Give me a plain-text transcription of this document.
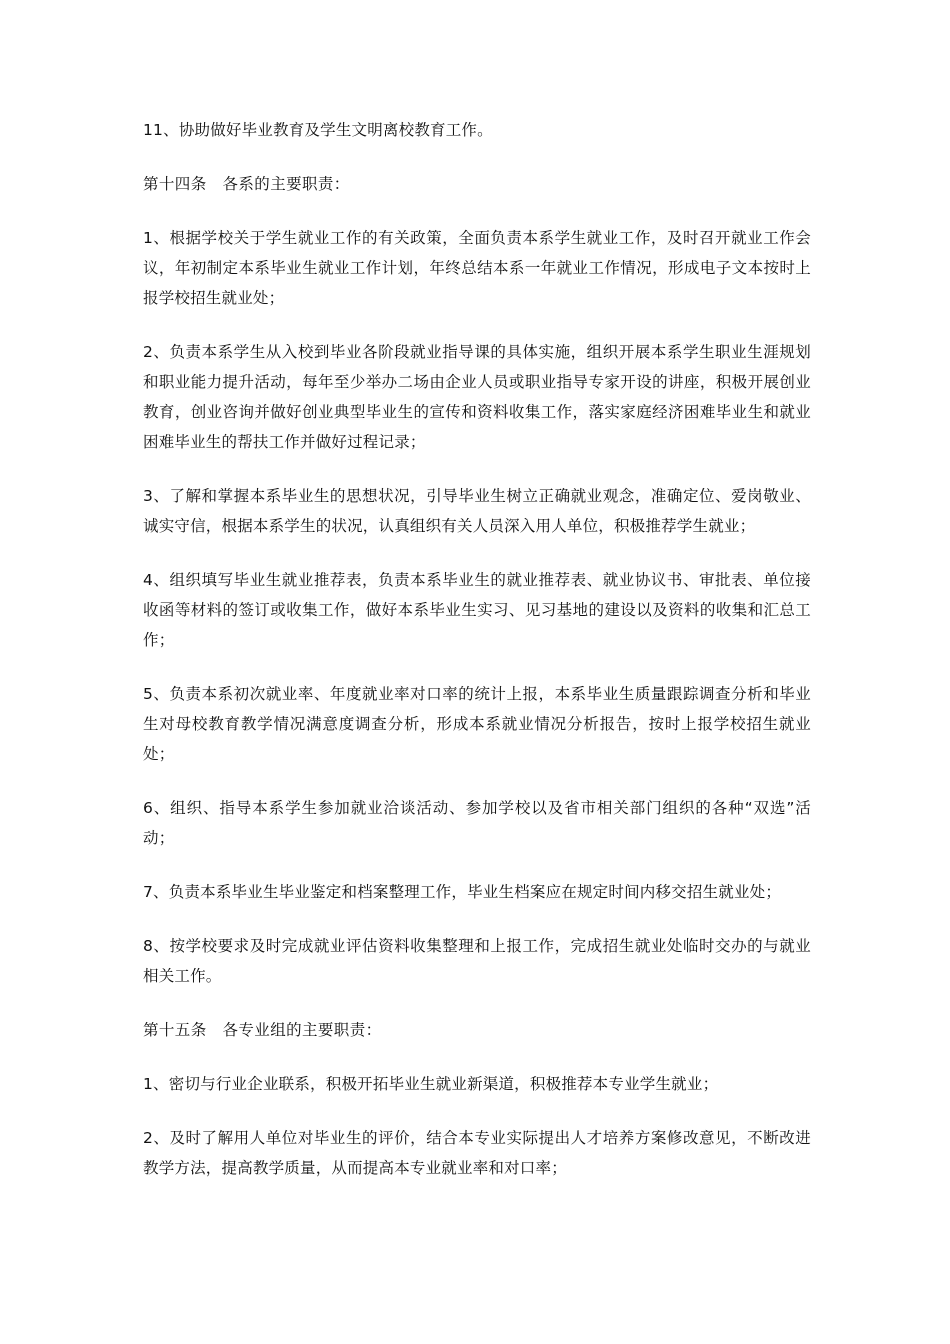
11、协助做好毕业教育及学生文明离校教育工作。

第十四条　各系的主要职责：

1、根据学校关于学生就业工作的有关政策，全面负责本系学生就业工作，及时召开就业工作会议，年初制定本系毕业生就业工作计划，年终总结本系一年就业工作情况，形成电子文本按时上报学校招生就业处；

2、负责本系学生从入校到毕业各阶段就业指导课的具体实施，组织开展本系学生职业生涯规划和职业能力提升活动，每年至少举办二场由企业人员或职业指导专家开设的讲座，积极开展创业教育，创业咨询并做好创业典型毕业生的宣传和资料收集工作，落实家庭经济困难毕业生和就业困难毕业生的帮扶工作并做好过程记录；

3、了解和掌握本系毕业生的思想状况，引导毕业生树立正确就业观念，准确定位、爱岗敬业、诚实守信，根据本系学生的状况，认真组织有关人员深入用人单位，积极推荐学生就业；

4、组织填写毕业生就业推荐表，负责本系毕业生的就业推荐表、就业协议书、审批表、单位接收函等材料的签订或收集工作，做好本系毕业生实习、见习基地的建设以及资料的收集和汇总工作；

5、负责本系初次就业率、年度就业率对口率的统计上报，本系毕业生质量跟踪调查分析和毕业生对母校教育教学情况满意度调查分析，形成本系就业情况分析报告，按时上报学校招生就业处；

6、组织、指导本系学生参加就业洽谈活动、参加学校以及省市相关部门组织的各种“双选”活动；

7、负责本系毕业生毕业鉴定和档案整理工作，毕业生档案应在规定时间内移交招生就业处；

8、按学校要求及时完成就业评估资料收集整理和上报工作，完成招生就业处临时交办的与就业相关工作。

第十五条　各专业组的主要职责：

1、密切与行业企业联系，积极开拓毕业生就业新渠道，积极推荐本专业学生就业；

2、及时了解用人单位对毕业生的评价，结合本专业实际提出人才培养方案修改意见，不断改进教学方法，提高教学质量，从而提高本专业就业率和对口率；
